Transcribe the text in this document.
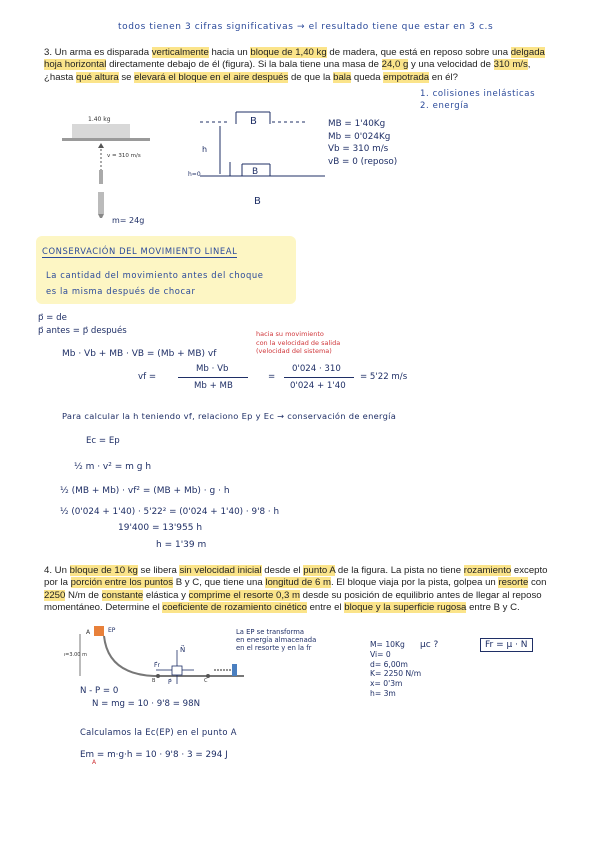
todos tienen 3 cifras significativas → el resultado tiene que estar en 3 c.s
3. Un arma es disparada verticalmente hacia un bloque de 1,40 kg de madera, que está en reposo sobre una delgada hoja horizontal directamente debajo de él (figura). Si la bala tiene una masa de 24,0 g y una velocidad de 310 m/s, ¿hasta qué altura se elevará el bloque en el aire después de que la bala queda empotrada en él?
1.40 kg
v = 310 m/s
m= 24g
B
B
h
h=0
B
1. colisiones inelásticas
2. energía
MB = 1'40Kg
Mb = 0'024Kg
Vb = 310 m/s
vB = 0 (reposo)
CONSERVACIÓN DEL MOVIMIENTO LINEAL
La cantidad del movimiento antes del choque
es la misma después de chocar
p⃗ = de
p⃗ antes = p⃗ después
Mb · Vb + MB · VB = (Mb + MB) vf
hacia su movimiento
con la velocidad de salida
(velocidad del sistema)
vf =
Mb · Vb
Mb + MB
=
0'024 · 310
0'024 + 1'40
= 5'22 m/s
Para calcular la h teniendo vf, relaciono Ep y Ec → conservación de energía
Ec = Ep
½ m · v² = m g h
½ (MB + Mb) · vf² = (MB + Mb) · g · h
½ (0'024 + 1'40) · 5'22² = (0'024 + 1'40) · 9'8 · h
19'400 = 13'955 h
h = 1'39 m
4. Un bloque de 10 kg se libera sin velocidad inicial desde el punto A de la figura. La pista no tiene rozamiento excepto por la porción entre los puntos B y C, que tiene una longitud de 6 m. El bloque viaja por la pista, golpea un resorte con 2250 N/m de constante elástica y comprime el resorte 0,3 m desde su posición de equilibrio antes de llegar al reposo momentáneo. Determine el coeficiente de rozamiento cinético entre el bloque y la superficie rugosa entre B y C.
EP
A
h=3.00 m
B	C
N⃗
P⃗
F⃗r
La EP se transforma
en energía almacenada
en el resorte y en la fr	μc ?	Fr = μ · N
M= 10Kg
Vi= 0
d= 6,00m
K= 2250 N/m
x= 0'3m
h= 3m
N - P = 0
N = mg = 10 · 9'8 = 98N
Calculamos la Ec(EP) en el punto A
Em = m·g·h = 10 · 9'8 · 3 = 294 J
A
